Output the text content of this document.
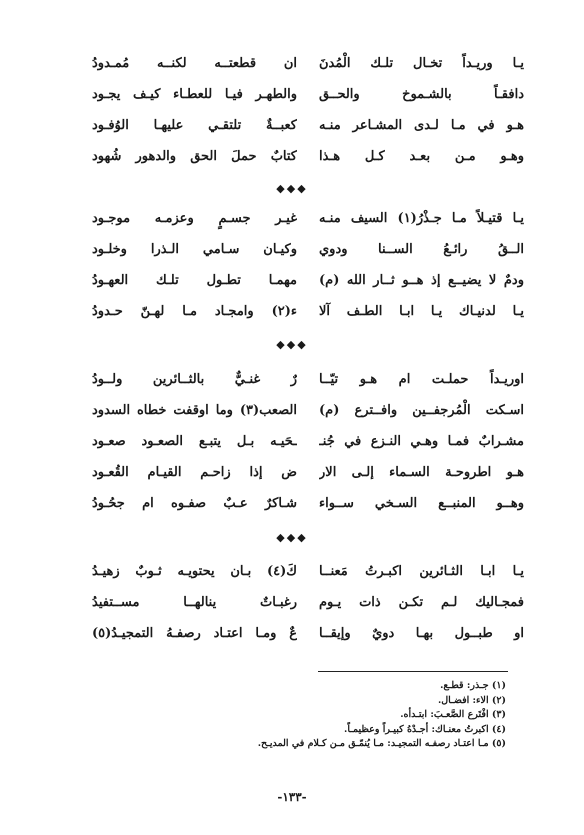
يـا وريـداً تخـال تلـك الْمُدنَ
ان قطعتــه لكنــه مُمـدودُ
دافقـاً بالشـموخ والحــق
والطهـر فيـا للعطـاء كيـف يجـود
هـو في مـا لـدى المشـاعر منـه
كعبــةٌ تلتقـي عليهـا الوُفـود
وهـو مـن بعـد كـل هـذا
كتابٌ حملَ الحق والدهور شُهود
◆◆◆
يـا قتيـلاً مـا جـذْرُ(١) السيف منـه
غيـر جسـمٍ وعزمـه موجـود
الــقُ رائـعُ الســنا ودوي
وكيـان سـامي الـذرا وخلـود
ودمٌ لا يضيــع إذ هــو ثــار الله (م)
مهمـا تطـول تلـك العهـودُ
يـا لدنيـاك يـا ابـا الطـف آلا
ء(٢) وامجـاد مـا لهـنّ حـدودُ
◆◆◆
اوريـداً حملـت ام هـو تيّــا
رٌ غنـيٌّ بالثــائرين ولــودُ
اسـكت الْمُرجفــين وافــترع (م)
الصعب(٣) وما اوقفت خطاه السدود
مشـرابٌ فمـا وهـي النـزع في جُنـ
ـحَيـه بـل يتبـع الصعـود صعـود
هـو اطروحـة السـماء إلـى الار
ض إذا زاحـم القيـام القُعـود
وهــو المنبــع السـخي ســواء
شـاكرٌ عـبٌ صفـوه ام جحُـودُ
◆◆◆
يـا ابـا الثـائرين اكبـرتُ مَعنــا
كَ(٤) بـان يحتويـه ثـوبٌ زهيـدُ
فمجـاليك لـم تكـن ذات يـوم
رغبـاتٌ ينالهــا مســتفيدُ
او طبــول بهـا دويٌ وإيقــا
عٌ ومـا اعتـاد رصفـهُ التمجيـدُ(٥)
(١) جـذر: قطـع.
(٢) الاء: افضـال.
(٣) افْتَرع الصَّعـبَ: ابتـدأه.
(٤) اكبرتُ معنـاك: أجـدْهُ كبيـراً وعظيمـاً.
(٥) مـا اعتـاد رصفـه التمجيـد: مـا يُنمّـق مـن كـلام في المديـح.
-١٣٣-
